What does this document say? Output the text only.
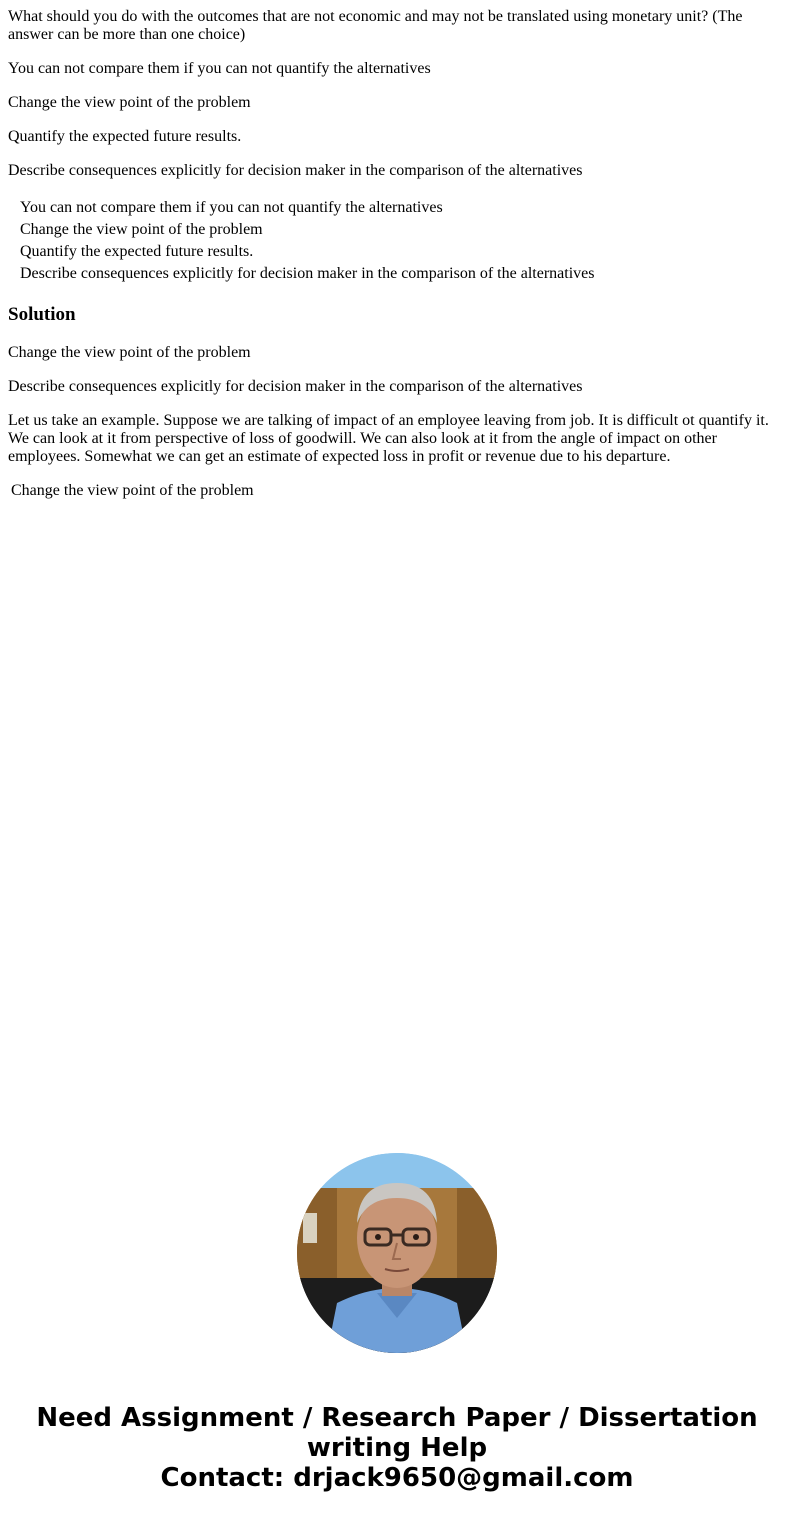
What should you do with the outcomes that are not economic and may not be translated using monetary unit? (The answer can be more than one choice)

You can not compare them if you can not quantify the alternatives

Change the view point of the problem

Quantify the expected future results.

Describe consequences explicitly for decision maker in the comparison of the alternatives

You can not compare them if you can not quantify the alternatives
Change the view point of the problem
Quantify the expected future results.
Describe consequences explicitly for decision maker in the comparison of the alternatives
Solution

Change the view point of the problem

Describe consequences explicitly for decision maker in the comparison of the alternatives

Let us take an example. Suppose we are talking of impact of an employee leaving from job. It is difficult ot quantify it. We can look at it from perspective of loss of goodwill. We can also look at it from the angle of impact on other employees. Somewhat we can get an estimate of expected loss in profit or revenue due to his departure.

Change the view point of the problem

Need Assignment / Research Paper / Dissertation
writing Help
Contact: drjack9650@gmail.com
